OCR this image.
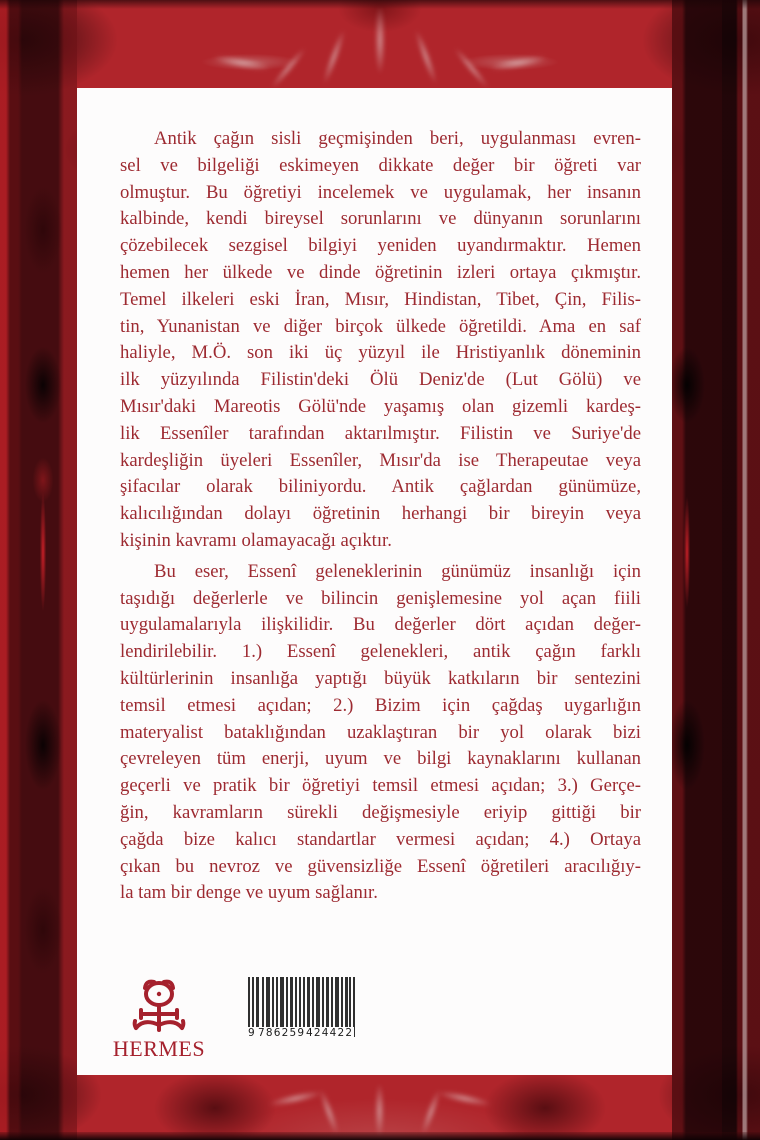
Antik çağın sisli geçmişinden beri, uygulanması evren-
sel ve bilgeliği eskimeyen dikkate değer bir öğreti var
olmuştur. Bu öğretiyi incelemek ve uygulamak, her insanın
kalbinde, kendi bireysel sorunlarını ve dünyanın sorunlarını
çözebilecek sezgisel bilgiyi yeniden uyandırmaktır. Hemen
hemen her ülkede ve dinde öğretinin izleri ortaya çıkmıştır.
Temel ilkeleri eski İran, Mısır, Hindistan, Tibet, Çin, Filis-
tin, Yunanistan ve diğer birçok ülkede öğretildi. Ama en saf
haliyle, M.Ö. son iki üç yüzyıl ile Hristiyanlık döneminin
ilk yüzyılında Filistin'deki Ölü Deniz'de (Lut Gölü) ve
Mısır'daki Mareotis Gölü'nde yaşamış olan gizemli kardeş-
lik Essenîler tarafından aktarılmıştır. Filistin ve Suriye'de
kardeşliğin üyeleri Essenîler, Mısır'da ise Therapeutae veya
şifacılar olarak biliniyordu. Antik çağlardan günümüze,
kalıcılığından dolayı öğretinin herhangi bir bireyin veya
kişinin kavramı olamayacağı açıktır.
Bu eser, Essenî geleneklerinin günümüz insanlığı için
taşıdığı değerlerle ve bilincin genişlemesine yol açan fiili
uygulamalarıyla ilişkilidir. Bu değerler dört açıdan değer-
lendirilebilir. 1.) Essenî gelenekleri, antik çağın farklı
kültürlerinin insanlığa yaptığı büyük katkıların bir sentezini
temsil etmesi açıdan; 2.) Bizim için çağdaş uygarlığın
materyalist bataklığından uzaklaştıran bir yol olarak bizi
çevreleyen tüm enerji, uyum ve bilgi kaynaklarını kullanan
geçerli ve pratik bir öğretiyi temsil etmesi açıdan; 3.) Gerçe-
ğin, kavramların sürekli değişmesiyle eriyip gittiği bir
çağda bize kalıcı standartlar vermesi açıdan; 4.) Ortaya
çıkan bu nevroz ve güvensizliğe Essenî öğretileri aracılığıy-
la tam bir denge ve uyum sağlanır.
HERMES
9 786259 424422
